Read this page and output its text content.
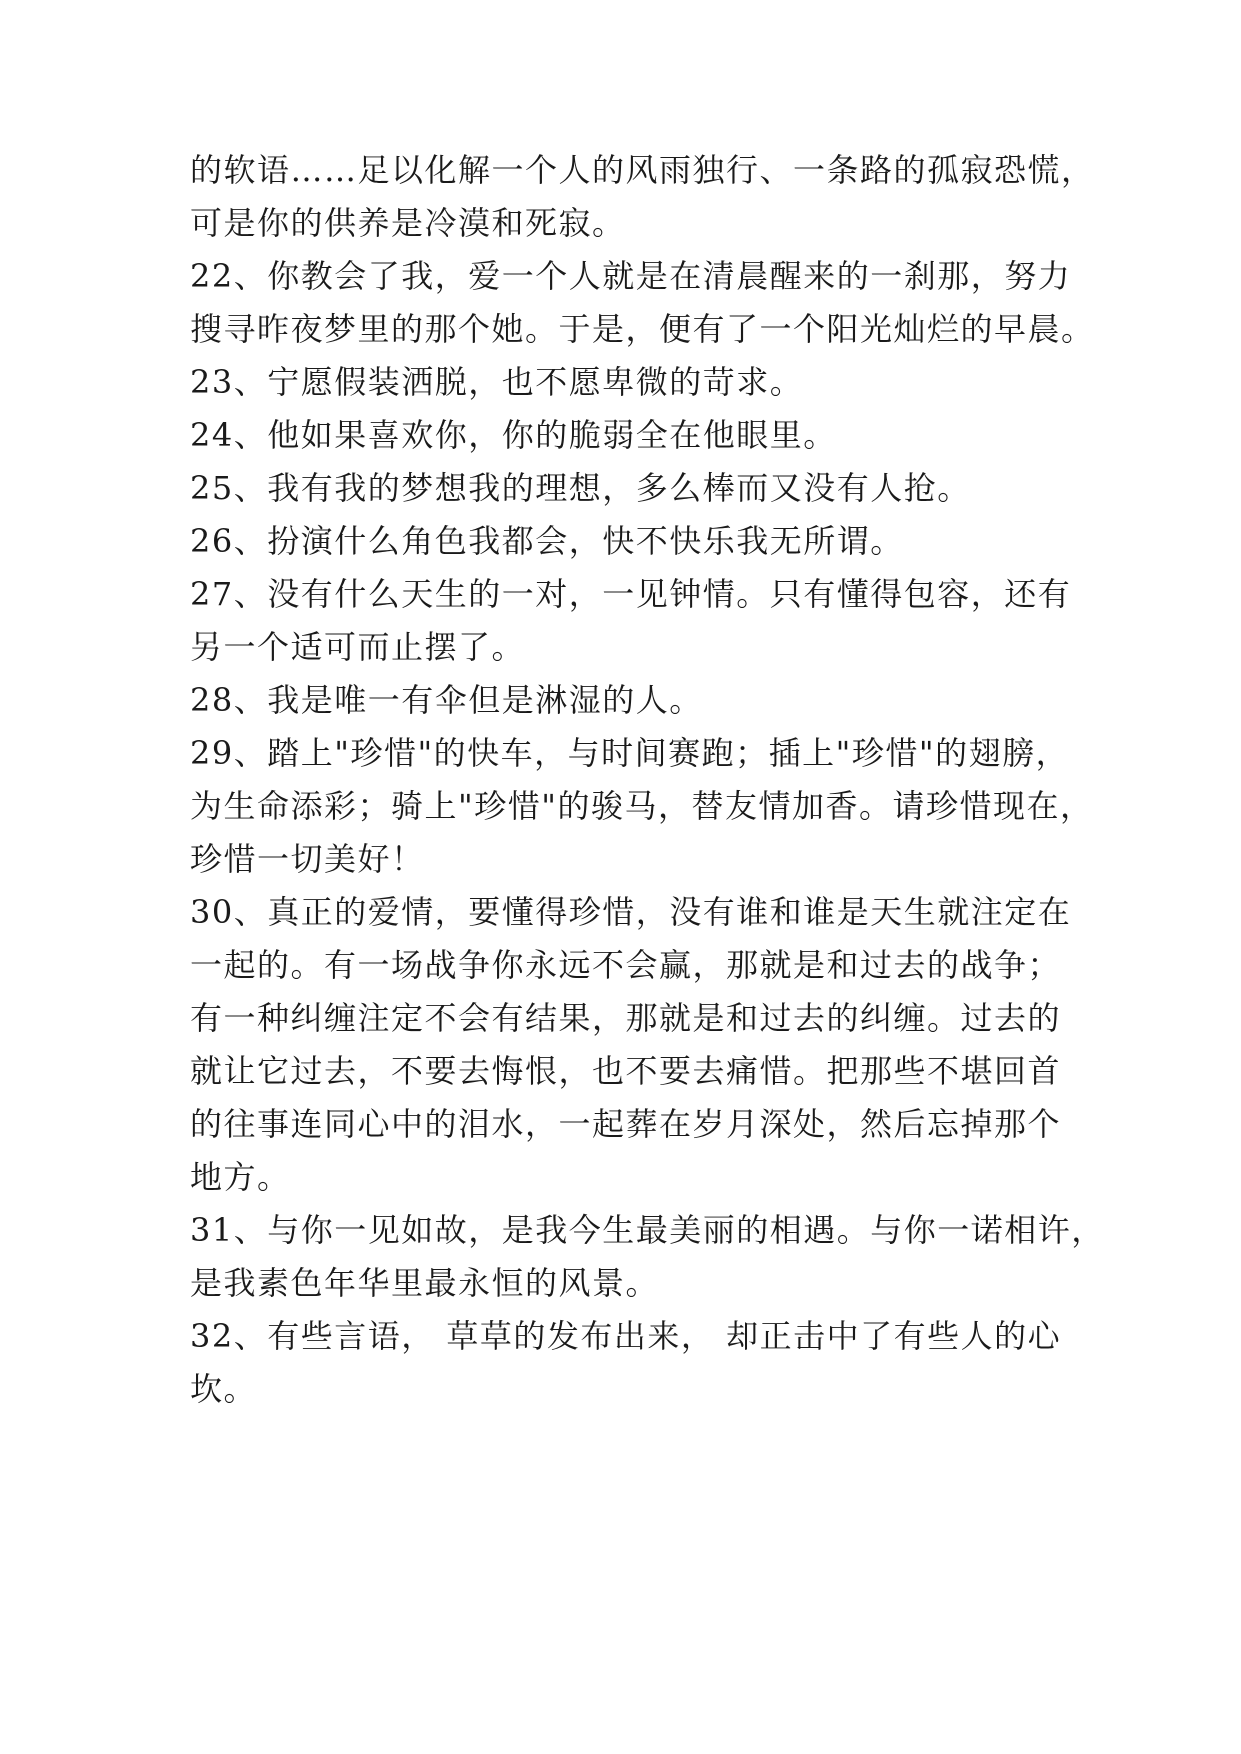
的软语……足以化解一个人的风雨独行、一条路的孤寂恐慌，
可是你的供养是冷漠和死寂。
22、你教会了我，爱一个人就是在清晨醒来的一刹那，努力
搜寻昨夜梦里的那个她。于是，便有了一个阳光灿烂的早晨。
23、宁愿假装洒脱，也不愿卑微的苛求。
24、他如果喜欢你，你的脆弱全在他眼里。
25、我有我的梦想我的理想，多么棒而又没有人抢。
26、扮演什么角色我都会，快不快乐我无所谓。
27、没有什么天生的一对，一见钟情。只有懂得包容，还有
另一个适可而止摆了。
28、我是唯一有伞但是淋湿的人。
29、踏上"珍惜"的快车，与时间赛跑；插上"珍惜"的翅膀，
为生命添彩；骑上"珍惜"的骏马，替友情加香。请珍惜现在，
珍惜一切美好！
30、真正的爱情，要懂得珍惜，没有谁和谁是天生就注定在
一起的。有一场战争你永远不会赢，那就是和过去的战争；
有一种纠缠注定不会有结果，那就是和过去的纠缠。过去的
就让它过去，不要去悔恨，也不要去痛惜。把那些不堪回首
的往事连同心中的泪水，一起葬在岁月深处，然后忘掉那个
地方。
31、与你一见如故，是我今生最美丽的相遇。与你一诺相许，
是我素色年华里最永恒的风景。
32、有些言语， 草草的发布出来， 却正击中了有些人的心
坎。
